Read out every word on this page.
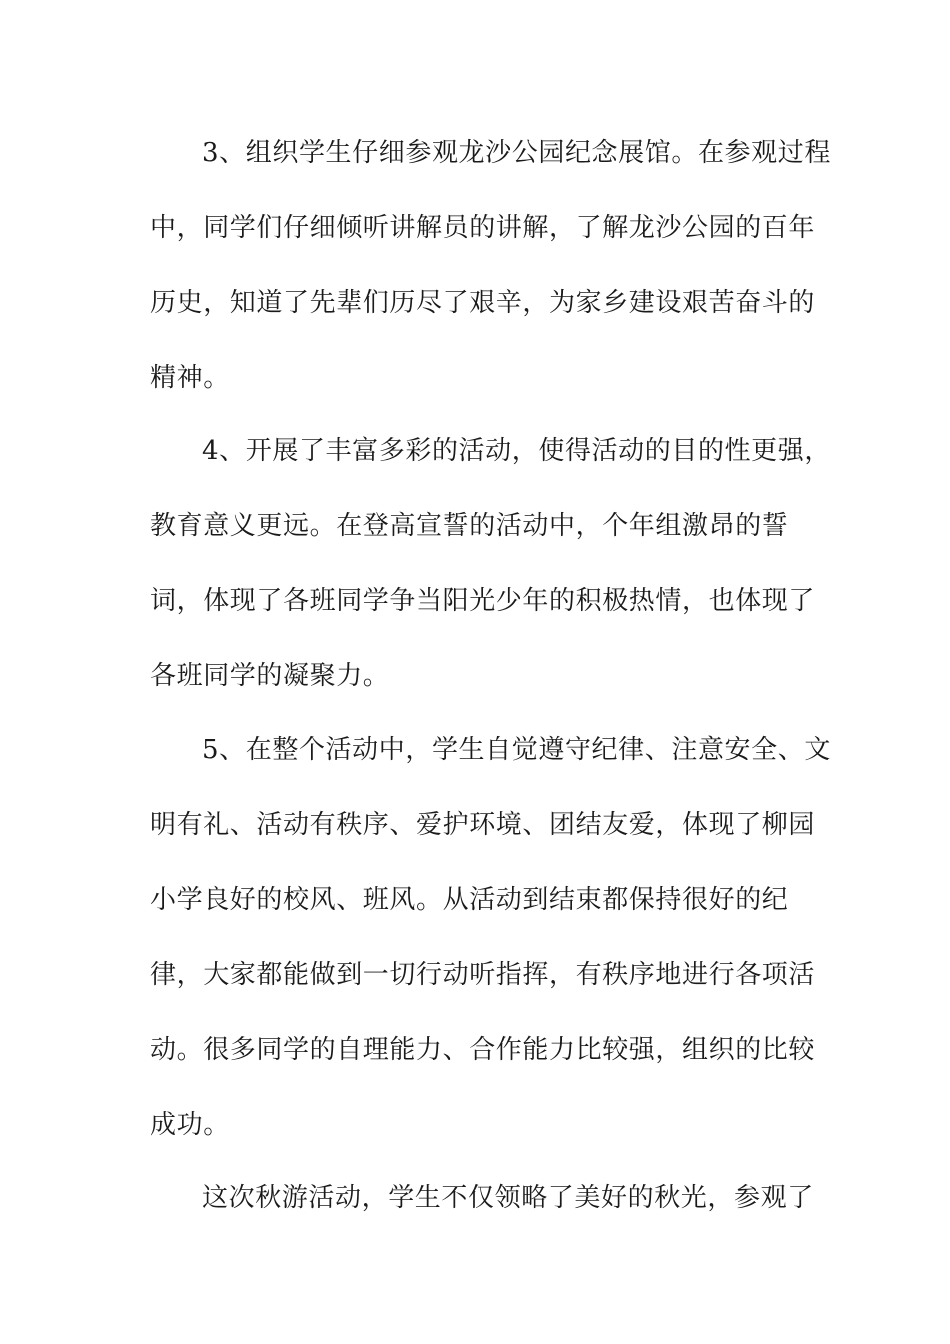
3、组织学生仔细参观龙沙公园纪念展馆。在参观过程
中，同学们仔细倾听讲解员的讲解，了解龙沙公园的百年
历史，知道了先辈们历尽了艰辛，为家乡建设艰苦奋斗的
精神。
4、开展了丰富多彩的活动，使得活动的目的性更强，
教育意义更远。在登高宣誓的活动中，个年组激昂的誓
词，体现了各班同学争当阳光少年的积极热情，也体现了
各班同学的凝聚力。
5、在整个活动中，学生自觉遵守纪律、注意安全、文
明有礼、活动有秩序、爱护环境、团结友爱，体现了柳园
小学良好的校风、班风。从活动到结束都保持很好的纪
律，大家都能做到一切行动听指挥，有秩序地进行各项活
动。很多同学的自理能力、合作能力比较强，组织的比较
成功。
这次秋游活动，学生不仅领略了美好的秋光，参观了
